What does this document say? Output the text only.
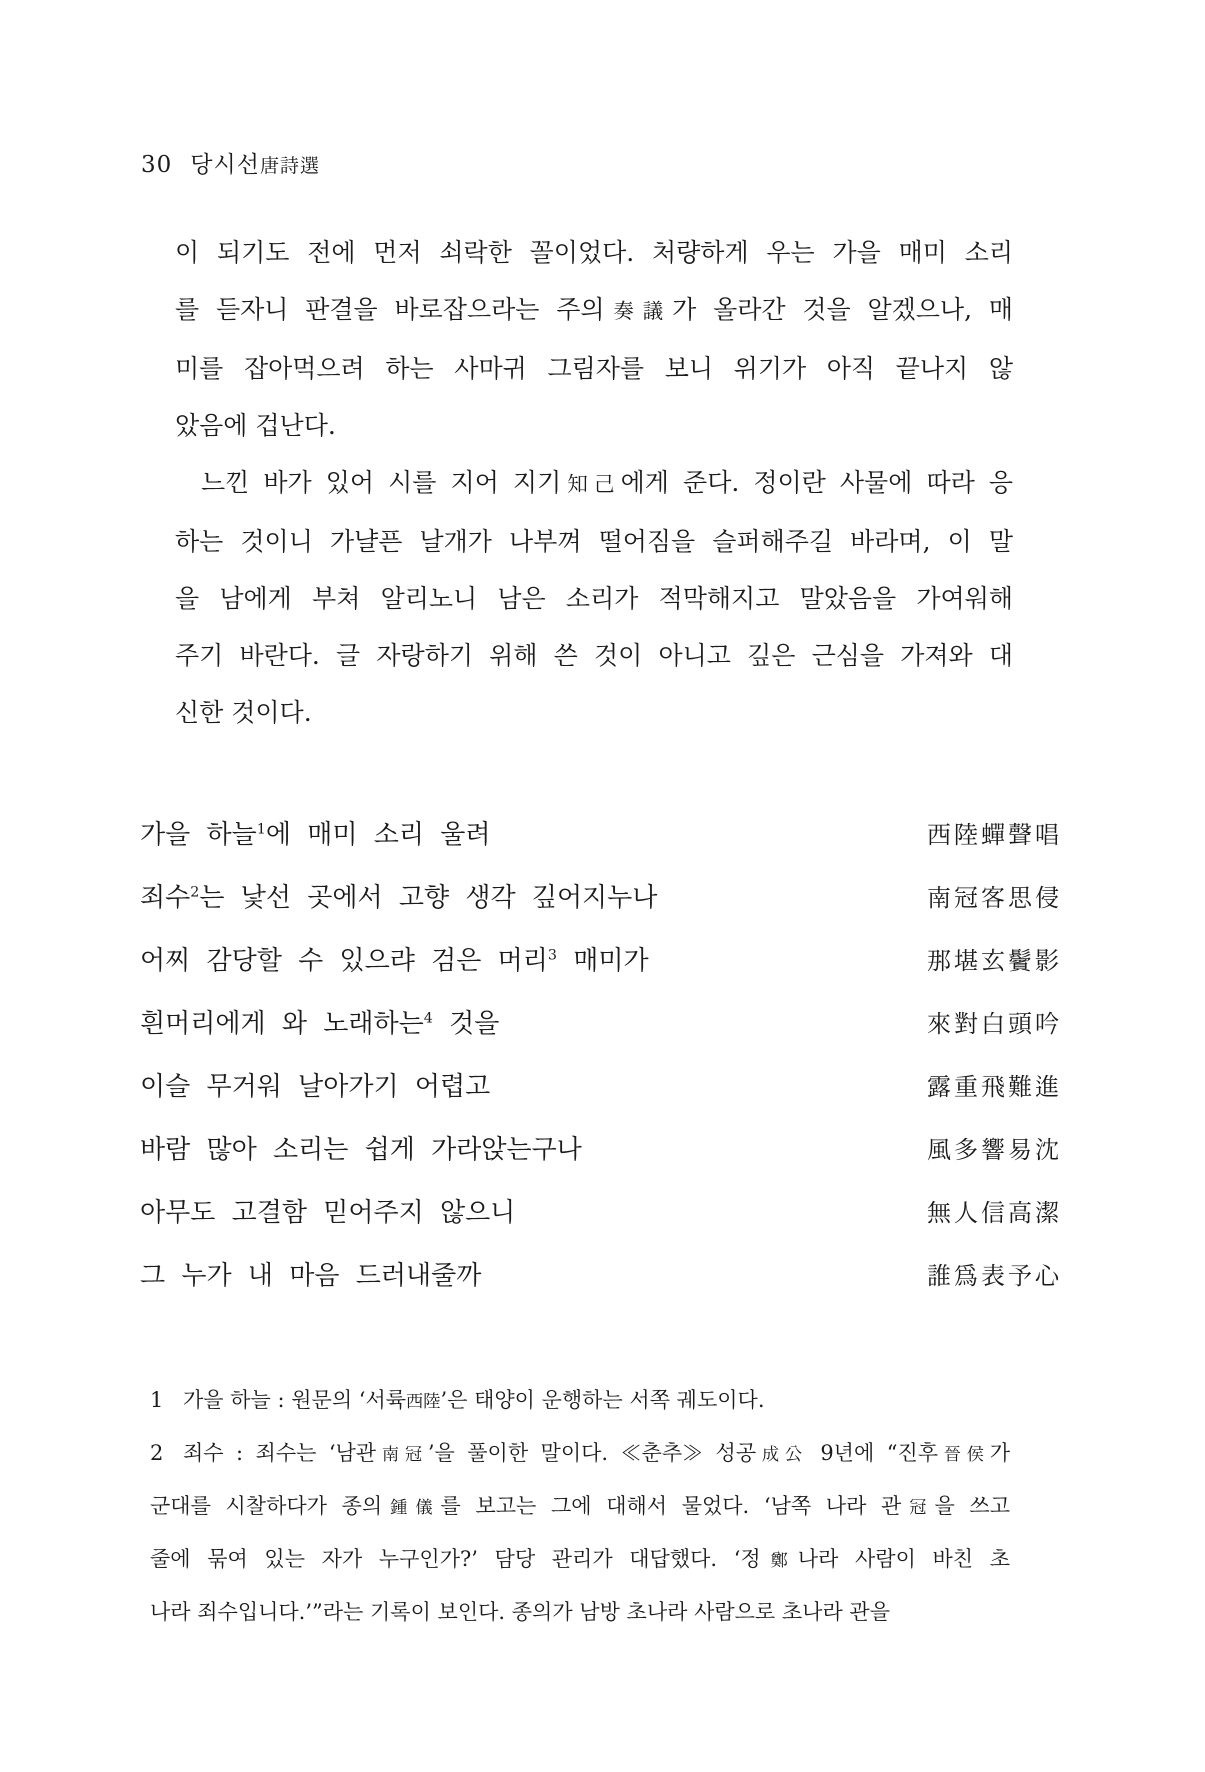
30 당시선唐詩選
이 되기도 전에 먼저 쇠락한 꼴이었다. 처량하게 우는 가을 매미 소리
를 듣자니 판결을 바로잡으라는 주의奏議가 올라간 것을 알겠으나, 매
미를 잡아먹으려 하는 사마귀 그림자를 보니 위기가 아직 끝나지 않
았음에 겁난다.
느낀 바가 있어 시를 지어 지기知己에게 준다. 정이란 사물에 따라 응
하는 것이니 가냘픈 날개가 나부껴 떨어짐을 슬퍼해주길 바라며, 이 말
을 남에게 부쳐 알리노니 남은 소리가 적막해지고 말았음을 가여워해
주기 바란다. 글 자랑하기 위해 쓴 것이 아니고 깊은 근심을 가져와 대
신한 것이다.
가을 하늘$^1$에 매미 소리 울려	西陸蟬聲唱
죄수$^2$는 낯선 곳에서 고향 생각 깊어지누나	南冠客思侵
어찌 감당할 수 있으랴 검은 머리$^3$ 매미가	那堪玄鬢影
흰머리에게 와 노래하는$^4$ 것을	來對白頭吟
이슬 무거워 날아가기 어렵고	露重飛難進
바람 많아 소리는 쉽게 가라앉는구나	風多響易沈
아무도 고결함 믿어주지 않으니	無人信高潔
그 누가 내 마음 드러내줄까	誰爲表予心
1 가을 하늘 : 원문의 ‘서륙西陸’은 태양이 운행하는 서쪽 궤도이다.
2 죄수 : 죄수는 ‘남관南冠’을 풀이한 말이다. ≪춘추≫ 성공成公 9년에 “진후晉侯가
군대를 시찰하다가 종의鍾儀를 보고는 그에 대해서 물었다. ‘남쪽 나라 관冠을 쓰고
줄에 묶여 있는 자가 누구인가?’ 담당 관리가 대답했다. ‘정鄭나라 사람이 바친 초
나라 죄수입니다.’”라는 기록이 보인다. 종의가 남방 초나라 사람으로 초나라 관을
